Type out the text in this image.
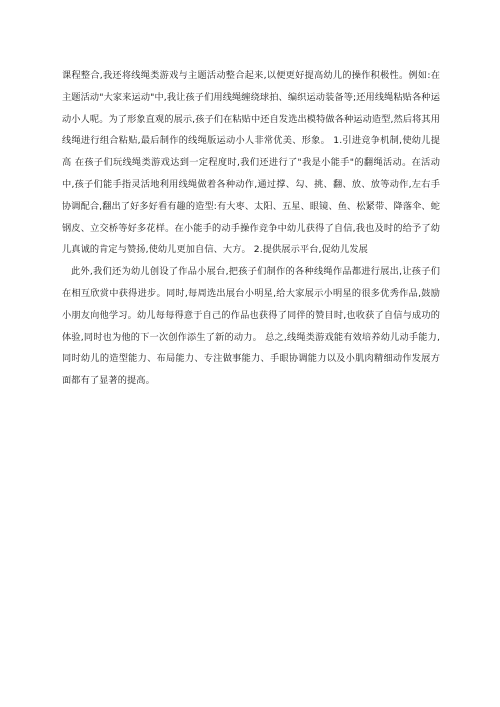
课程整合,我还将线绳类游戏与主题活动整合起来,以便更好提高幼儿的操作积极性。例如:在主题活动"大家来运动"中,我让孩子们用线绳缠绕球拍、编织运动装备等;还用线绳粘贴各种运动小人呢。为了形象直观的展示,孩子们在粘贴中还自发选出模特做各种运动造型,然后将其用线绳进行组合粘贴,最后制作的线绳版运动小人非常优美、形象。 1.引进竞争机制,使幼儿提高 在孩子们玩线绳类游戏达到一定程度时,我们还进行了"我是小能手"的翻绳活动。在活动中,孩子们能手指灵活地利用线绳做着各种动作,通过撑、勾、挑、翻、放、放等动作,左右手协调配合,翻出了好多好看有趣的造型:有大枣、太阳、五星、眼镜、鱼、松紧带、降落伞、蛇钢皮、立交桥等好多花样。在小能手的动手操作竞争中幼儿获得了自信,我也及时的给予了幼儿真诚的肯定与赞扬,使幼儿更加自信、大方。 2.提供展示平台,促幼儿发展

此外,我们还为幼儿创设了作品小展台,把孩子们制作的各种线绳作品都进行展出,让孩子们在相互欣赏中获得进步。同时,每周选出展台小明星,给大家展示小明星的很多优秀作品,鼓励小朋友向他学习。幼儿每每得意于自己的作品也获得了同伴的赞目时,也收获了自信与成功的体验,同时也为他的下一次创作添生了新的动力。 总之,线绳类游戏能有效培养幼儿动手能力,同时幼儿的造型能力、布局能力、专注做事能力、手眼协调能力以及小肌肉精细动作发展方面都有了显著的提高。
